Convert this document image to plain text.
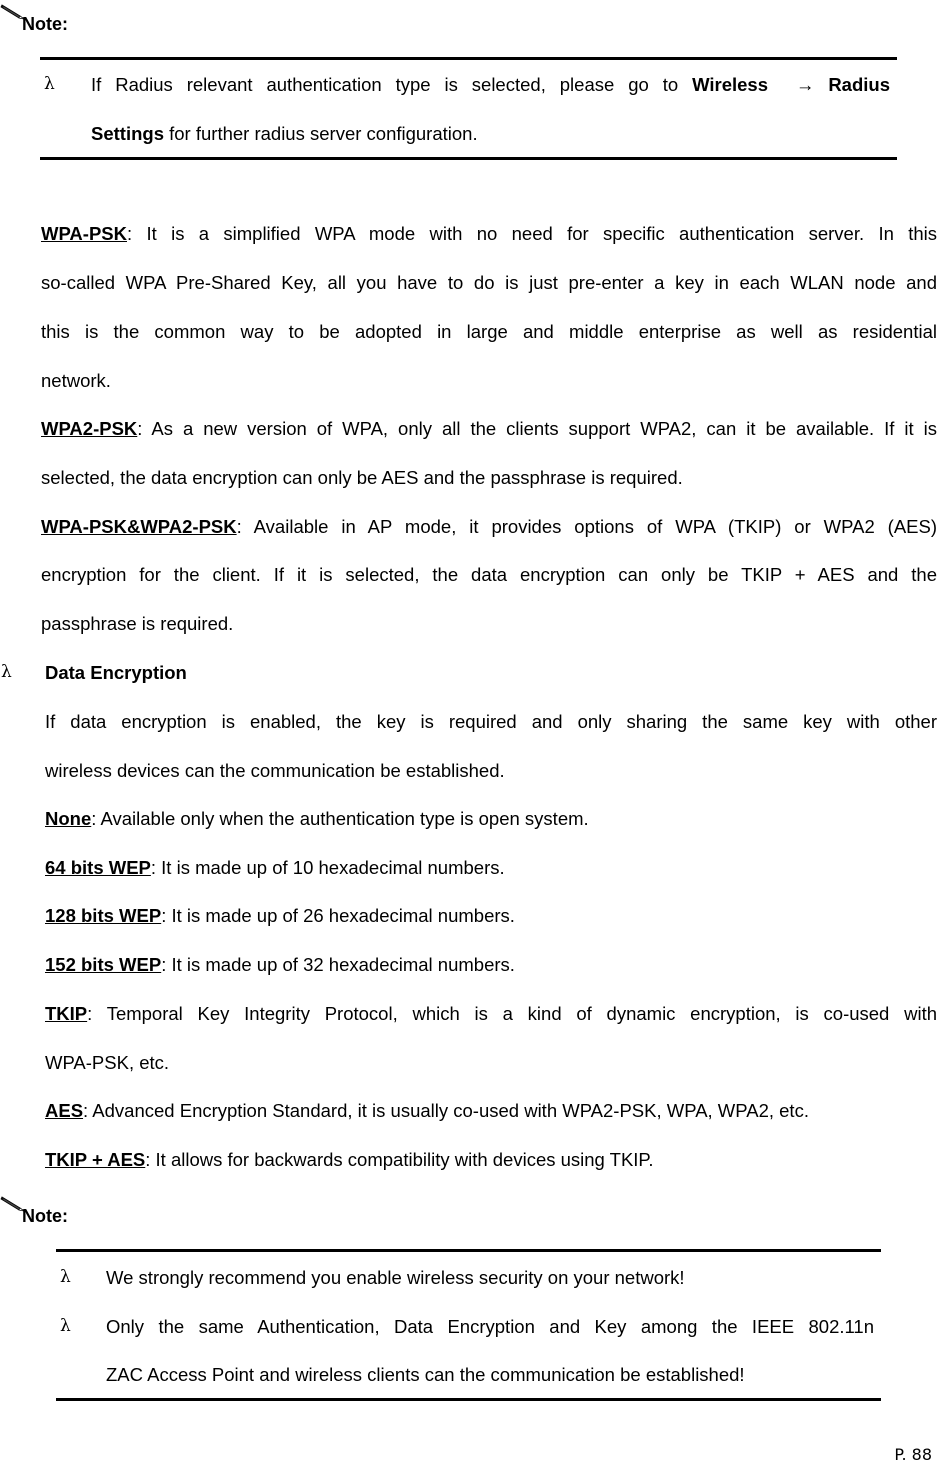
Note:
λ If Radius relevant authentication type is selected, please go to Wireless → Radius
Settings for further radius server configuration.
WPA-PSK: It is a simplified WPA mode with no need for specific authentication server. In this
so-called WPA Pre-Shared Key, all you have to do is just pre-enter a key in each WLAN node and
this is the common way to be adopted in large and middle enterprise as well as residential
network.
WPA2-PSK: As a new version of WPA, only all the clients support WPA2, can it be available. If it is
selected, the data encryption can only be AES and the passphrase is required.
WPA-PSK&WPA2-PSK: Available in AP mode, it provides options of WPA (TKIP) or WPA2 (AES)
encryption for the client. If it is selected, the data encryption can only be TKIP + AES and the
passphrase is required.
λ Data Encryption
If data encryption is enabled, the key is required and only sharing the same key with other
wireless devices can the communication be established.
None: Available only when the authentication type is open system.
64 bits WEP: It is made up of 10 hexadecimal numbers.
128 bits WEP: It is made up of 26 hexadecimal numbers.
152 bits WEP: It is made up of 32 hexadecimal numbers.
TKIP: Temporal Key Integrity Protocol, which is a kind of dynamic encryption, is co-used with
WPA-PSK, etc.
AES: Advanced Encryption Standard, it is usually co-used with WPA2-PSK, WPA, WPA2, etc.
TKIP + AES: It allows for backwards compatibility with devices using TKIP.
Note:
λ We strongly recommend you enable wireless security on your network!
λ Only the same Authentication, Data Encryption and Key among the IEEE 802.11n
ZAC Access Point and wireless clients can the communication be established!
P. 88
